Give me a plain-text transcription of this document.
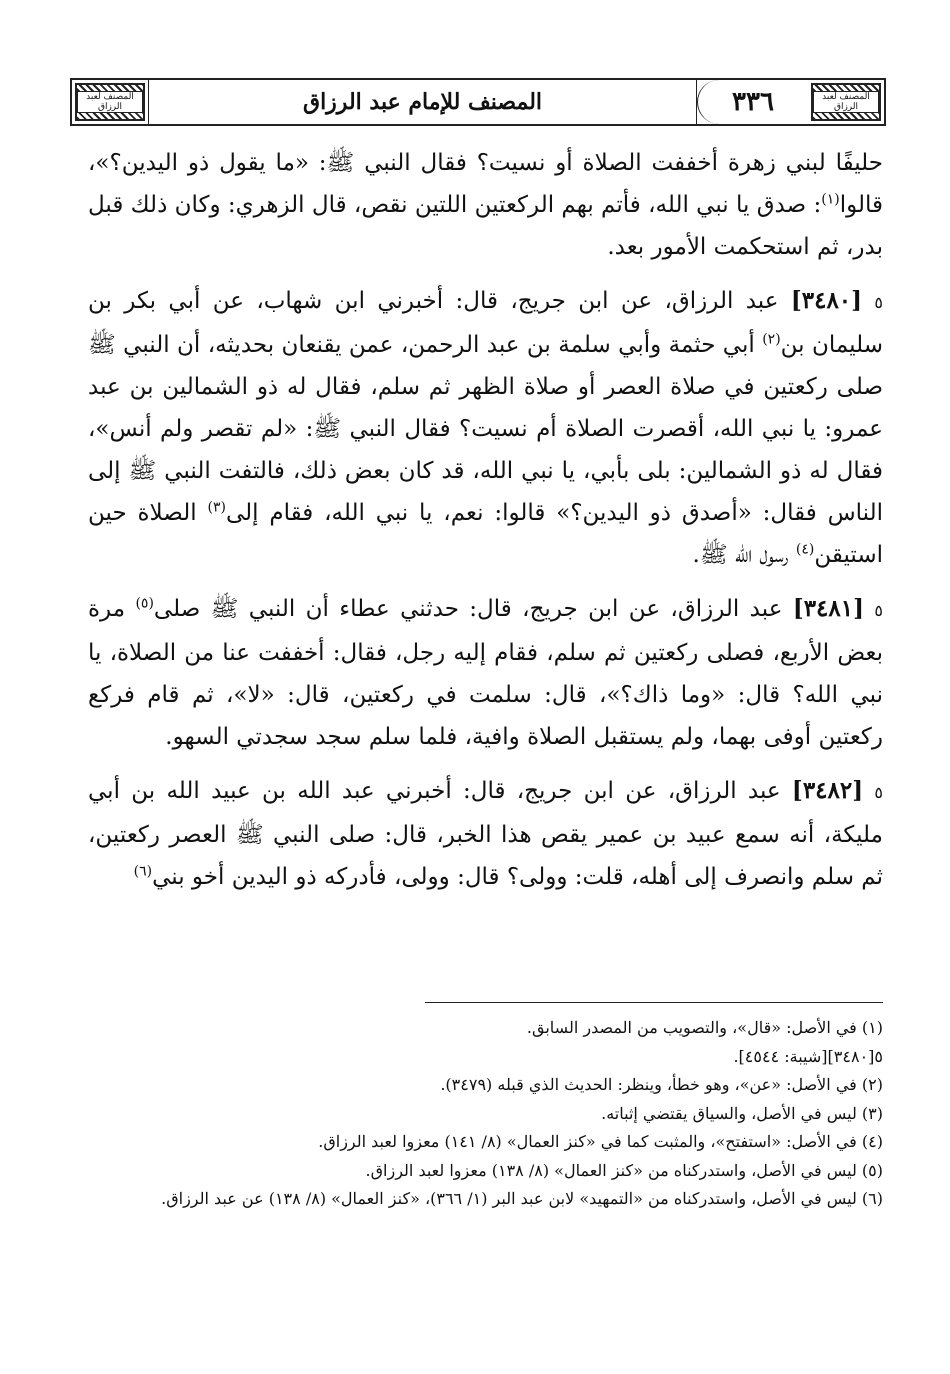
المصنف لعبد الرزاق	المصنف للإمام عبد الرزاق	٣٣٦	المصنف لعبد الرزاق

حليفًا لبني زهرة أخففت الصلاة أو نسيت؟ فقال النبي ﷺ: «ما يقول ذو اليدين؟»، قالوا$^{(١)}$: صدق يا نبي الله، فأتم بهم الركعتين اللتين نقص، قال الزهري: وكان ذلك قبل بدر، ثم استحكمت الأمور بعد.

٥ [٣٤٨٠] عبد الرزاق، عن ابن جريج، قال: أخبرني ابن شهاب، عن أبي بكر بن سليمان بن$^{(٢)}$ أبي حثمة وأبي سلمة بن عبد الرحمن، عمن يقنعان بحديثه، أن النبي ﷺ صلى ركعتين في صلاة العصر أو صلاة الظهر ثم سلم، فقال له ذو الشمالين بن عبد عمرو: يا نبي الله، أقصرت الصلاة أم نسيت؟ فقال النبي ﷺ: «لم تقصر ولم أنس»، فقال له ذو الشمالين: بلى بأبي، يا نبي الله، قد كان بعض ذلك، فالتفت النبي ﷺ إلى الناس فقال: «أصدق ذو اليدين؟» قالوا: نعم، يا نبي الله، فقام إلى$^{(٣)}$ الصلاة حين استيقن$^{(٤)}$ رسول الله ﷺ.

٥ [٣٤٨١] عبد الرزاق، عن ابن جريج، قال: حدثني عطاء أن النبي ﷺ صلى$^{(٥)}$ مرة بعض الأربع، فصلى ركعتين ثم سلم، فقام إليه رجل، فقال: أخففت عنا من الصلاة، يا نبي الله؟ قال: «وما ذاك؟»، قال: سلمت في ركعتين، قال: «لا»، ثم قام فركع ركعتين أوفى بهما، ولم يستقبل الصلاة وافية، فلما سلم سجد سجدتي السهو.

٥ [٣٤٨٢] عبد الرزاق، عن ابن جريج، قال: أخبرني عبد الله بن عبيد الله بن أبي مليكة، أنه سمع عبيد بن عمير يقص هذا الخبر، قال: صلى النبي ﷺ العصر ركعتين، ثم سلم وانصرف إلى أهله، قلت: وولى؟ قال: وولى، فأدركه ذو اليدين أخو بني$^{(٦)}$

(١) في الأصل: «قال»، والتصويب من المصدر السابق.
٥[٣٤٨٠][شيبة: ٤٥٤٤].
(٢) في الأصل: «عن»، وهو خطأ، وينظر: الحديث الذي قبله (٣٤٧٩).
(٣) ليس في الأصل، والسياق يقتضي إثباته.
(٤) في الأصل: «استفتح»، والمثبت كما في «كنز العمال» (٨/ ١٤١) معزوا لعبد الرزاق.
(٥) ليس في الأصل، واستدركناه من «كنز العمال» (٨/ ١٣٨) معزوا لعبد الرزاق.
(٦) ليس في الأصل، واستدركناه من «التمهيد» لابن عبد البر (١/ ٣٦٦)، «كنز العمال» (٨/ ١٣٨) عن عبد الرزاق.
